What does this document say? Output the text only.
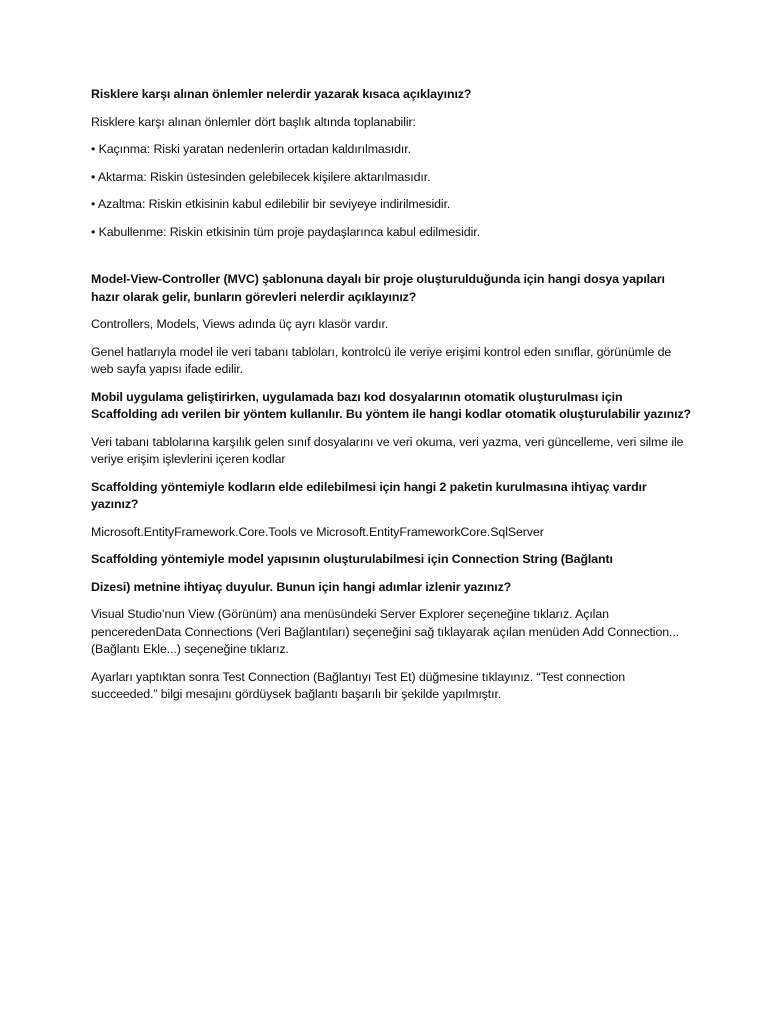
Risklere karşı alınan önlemler nelerdir yazarak kısaca açıklayınız?

Risklere karşı alınan önlemler dört başlık altında toplanabilir:

• Kaçınma: Riski yaratan nedenlerin ortadan kaldırılmasıdır.

• Aktarma: Riskin üstesinden gelebilecek kişilere aktarılmasıdır.

• Azaltma: Riskin etkisinin kabul edilebilir bir seviyeye indirilmesidir.

• Kabullenme: Riskin etkisinin tüm proje paydaşlarınca kabul edilmesidir.

Model-View-Controller (MVC) şablonuna dayalı bir proje oluşturulduğunda için hangi dosya yapıları hazır olarak gelir, bunların görevleri nelerdir açıklayınız?

Controllers, Models, Views adında üç ayrı klasör vardır.

Genel hatlarıyla model ile veri tabanı tabloları, kontrolcü ile veriye erişimi kontrol eden sınıflar, görünümle de web sayfa yapısı ifade edilir.

Mobil uygulama geliştirirken, uygulamada bazı kod dosyalarının otomatik oluşturulması için Scaffolding adı verilen bir yöntem kullanılır. Bu yöntem ile hangi kodlar otomatik oluşturulabilir yazınız?

Veri tabanı tablolarına karşılık gelen sınıf dosyalarını ve veri okuma, veri yazma, veri güncelleme, veri silme ile veriye erişim işlevlerini içeren kodlar

Scaffolding yöntemiyle kodların elde edilebilmesi için hangi 2 paketin kurulmasına ihtiyaç vardır yazınız?

Microsoft.EntityFramework.Core.Tools ve Microsoft.EntityFrameworkCore.SqlServer

Scaffolding yöntemiyle model yapısının oluşturulabilmesi için Connection String (Bağlantı

Dizesi) metnine ihtiyaç duyulur. Bunun için hangi adımlar izlenir yazınız?

Visual Studio’nun View (Görünüm) ana menüsündeki Server Explorer seçeneğine tıklarız. Açılan penceredenData Connections (Veri Bağlantıları) seçeneğini sağ tıklayarak açılan menüden Add Connection... (Bağlantı Ekle...) seçeneğine tıklarız.

Ayarları yaptıktan sonra Test Connection (Bağlantıyı Test Et) düğmesine tıklayınız. “Test connection succeeded.” bilgi mesajını gördüysek bağlantı başarılı bir şekilde yapılmıştır.
